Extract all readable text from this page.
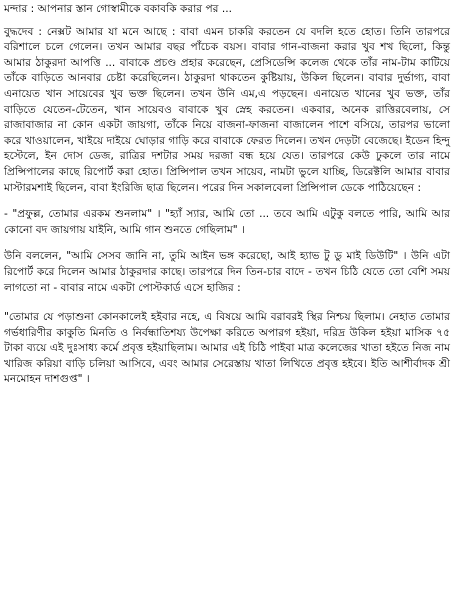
মন্দার : আপনার স্তান গোস্বামীকে বকাবকি করার পর ...

বুদ্ধদেব : নেক্সট আমার যা মনে আছে : বাবা এমন চাকরি করতেন যে বদলি হতে হোত। তিনি তারপরে বরিশালে চলে গেলেন। তখন আমার বছর পাঁচেক বয়স। বাবার গান-বাজনা করার খুব শখ ছিলো, কিন্তু আমার ঠাকুরদা আপত্তি ... বাবাকে প্রচণ্ড প্রহার করেছেন, প্রেসিডেন্সি কলেজ থেকে তাঁর নাম-টাম কাটিয়ে তাঁকে বাড়িতে আনবার চেষ্টা করেছিলেন। ঠাকুরদা থাকতেন কুষ্টিয়ায়, উকিল ছিলেন। বাবার দুর্ভাগ্য, বাবা এনায়েত খান সায়েবের খুব ভক্ত ছিলেন। তখন উনি এম,এ পড়ছেন। এনায়েত খানের খুব ভক্ত, তাঁর বাড়িতে যেতেন-টেতেন, খান সায়েবও বাবাকে খুব স্নেহ করতেন। একবার, অনেক রাত্তিরবেলায়, সে রাজাবাজার না কোন একটা জায়গা, তাঁকে নিয়ে বাজনা-ফাজনা বাজালেন পাশে বসিয়ে, তারপর ভালো করে খাওয়ালেন, খাইয়ে দাইয়ে ঘোড়ার গাড়ি করে বাবাকে ফেরত দিলেন। তখন দেড়টা বেজেছে। ইডেন হিন্দু হস্টেলে, ইন দোস ডেজ, রাত্রির দশটার সময় দরজা বন্ধ হয়ে যেত। তারপরে কেউ ঢুকলে তার নামে প্রিন্সিপালের কাছে রিপোর্ট করা হোত। প্রিন্সিপাল তখন সায়েব, নামটা ভুলে যাচ্ছি, ডিরেক্টলি আমার বাবার মাস্টারমশাই ছিলেন, বাবা ইংরিজি ছাত্র ছিলেন। পরের দিন সকালবেলা প্রিন্সিপাল ডেকে পাঠিয়েছেন :

- "প্রফুল্ল, তোমার এরকম শুনলাম" । "হ্যাঁ স্যার, আমি তো ... তবে আমি এটুকু বলতে পারি, আমি আর কোনো বদ জায়গায় যাইনি, আমি গান শুনতে গেছিলাম" ।

উনি বললেন, "আমি সেসব জানি না, তুমি আইন ভঙ্গ করেছো, আই হ্যাভ টু ডু মাই ডিউটি" । উনি এটা রিপোর্ট করে দিলেন আমার ঠাকুরদার কাছে। তারপরে দিন তিন-চার বাদে - তখন চিঠি যেতে তো বেশি সময় লাগতো না - বাবার নামে একটা পোস্টকার্ড এসে হাজির :

"তোমার যে পড়াশুনা কোনকালেই হইবার নহে, এ বিষয়ে আমি বরাবরই স্থির নিশ্চয় ছিলাম। নেহাত তোমার গর্ভধারিণীর কাকুতি মিনতি ও নির্বন্ধাতিশয্য উপেক্ষা করিতে অপারগ হইয়া, দরিদ্র উকিল হইয়া মাসিক ৭৫ টাকা ব্যয়ে এই দুঃসাধ্য কর্মে প্রবৃত্ত হইয়াছিলাম। আমার এই চিঠি পাইবা মাত্র কলেজের খাতা হইতে নিজ নাম খারিজ করিয়া বাড়ি চলিয়া আসিবে, এবং আমার সেরেস্তায় খাতা লিখিতে প্রবৃত্ত হইবে। ইতি আশীর্বাদক শ্রী মনমোহন দাশগুপ্ত" ।
